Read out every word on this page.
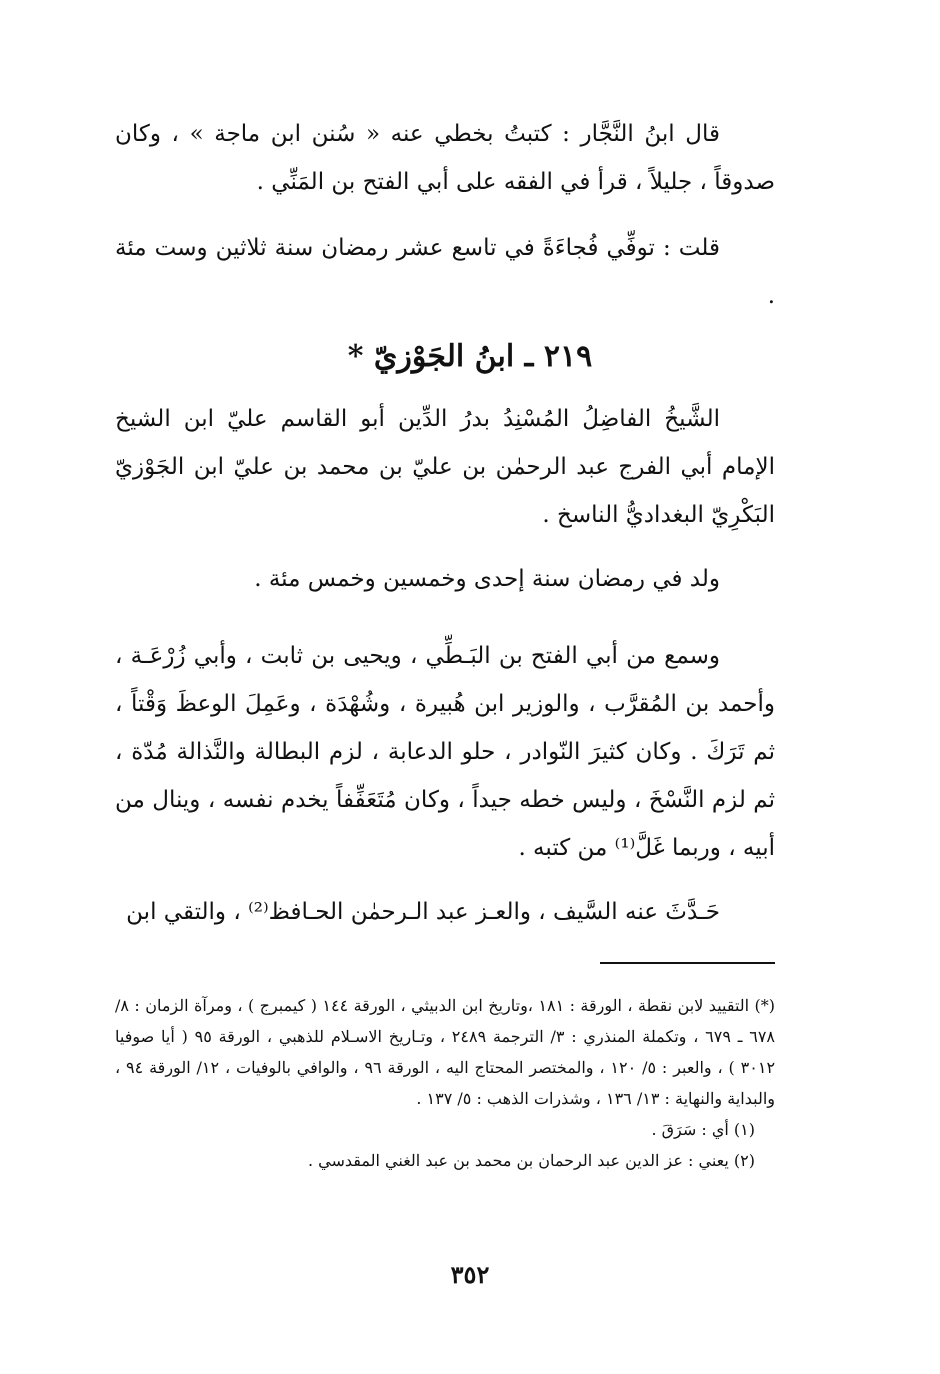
قال ابنُ النَّجَّار : كتبتُ بخطي عنه « سُنن ابن ماجة » ، وكان صدوقاً ، جليلاً ، قرأ في الفقه على أبي الفتح بن المَنِّي .

قلت : توفِّي فُجاءَةً في تاسع عشر رمضان سنة ثلاثين وست مئة .

٢١٩ ـ ابنُ الجَوْزيّ *

الشَّيخُ الفاضِلُ المُسْنِدُ بدرُ الدِّين أبو القاسم عليّ ابن الشيخ الإمام أبي الفرج عبد الرحمٰن بن عليّ بن محمد بن عليّ ابن الجَوْزيّ البَكْرِيّ البغداديُّ الناسخ .

ولد في رمضان سنة إحدى وخمسين وخمس مئة .

وسمع من أبي الفتح بن البَـطِّي ، ويحيى بن ثابت ، وأبي زُرْعَـة ، وأحمد بن المُقرَّب ، والوزير ابن هُبيرة ، وشُهْدَة ، وعَمِلَ الوعظَ وَقْتاً ، ثم تَرَكَ . وكان كثيرَ النّوادر ، حلو الدعابة ، لزم البطالة والنَّذالة مُدّة ، ثم لزم النَّسْخَ ، وليس خطه جيداً ، وكان مُتَعَفِّفاً يخدم نفسه ، وينال من أبيه ، وربما غَلَّ⁽¹⁾ من كتبه .

حَـدَّثَ عنه السَّيف ، والعـز عبد الـرحمٰن الحـافظ⁽²⁾ ، والتقي ابن

(*) التقييد لابن نقطة ، الورقة : ١٨١ ،وتاريخ ابن الدبيثي ، الورقة ١٤٤ ( كيمبرج ) ، ومرآة الزمان : ٨/ ٦٧٨ ـ ٦٧٩ ، وتكملة المنذري : ٣/ الترجمة ٢٤٨٩ ، وتـاريخ الاسـلام للذهبي ، الورقة ٩٥ ( أيا صوفيا ٣٠١٢ ) ، والعبر : ٥/ ١٢٠ ، والمختصر المحتاج اليه ، الورقة ٩٦ ، والوافي بالوفيات ، ١٢/ الورقة ٩٤ ، والبداية والنهاية : ١٣/ ١٣٦ ، وشذرات الذهب : ٥/ ١٣٧ .

(١) أي : سَرَقَ .

(٢) يعني : عز الدين عبد الرحمان بن محمد بن عبد الغني المقدسي .

٣٥٢
